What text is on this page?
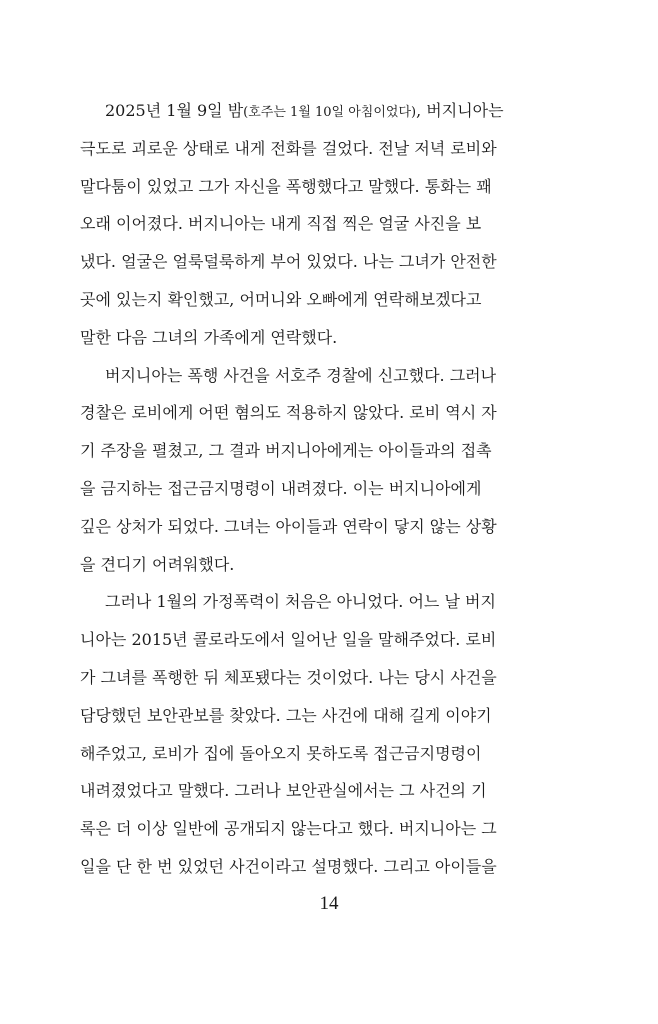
2025년 1월 9일 밤(호주는 1월 10일 아침이었다), 버지니아는
극도로 괴로운 상태로 내게 전화를 걸었다. 전날 저녁 로비와
말다툼이 있었고 그가 자신을 폭행했다고 말했다. 통화는 꽤
오래 이어졌다. 버지니아는 내게 직접 찍은 얼굴 사진을 보
냈다. 얼굴은 얼룩덜룩하게 부어 있었다. 나는 그녀가 안전한
곳에 있는지 확인했고, 어머니와 오빠에게 연락해보겠다고
말한 다음 그녀의 가족에게 연락했다.
버지니아는 폭행 사건을 서호주 경찰에 신고했다. 그러나
경찰은 로비에게 어떤 혐의도 적용하지 않았다. 로비 역시 자
기 주장을 펼쳤고, 그 결과 버지니아에게는 아이들과의 접촉
을 금지하는 접근금지명령이 내려졌다. 이는 버지니아에게
깊은 상처가 되었다. 그녀는 아이들과 연락이 닿지 않는 상황
을 견디기 어려워했다.
그러나 1월의 가정폭력이 처음은 아니었다. 어느 날 버지
니아는 2015년 콜로라도에서 일어난 일을 말해주었다. 로비
가 그녀를 폭행한 뒤 체포됐다는 것이었다. 나는 당시 사건을
담당했던 보안관보를 찾았다. 그는 사건에 대해 길게 이야기
해주었고, 로비가 집에 돌아오지 못하도록 접근금지명령이
내려졌었다고 말했다. 그러나 보안관실에서는 그 사건의 기
록은 더 이상 일반에 공개되지 않는다고 했다. 버지니아는 그
일을 단 한 번 있었던 사건이라고 설명했다. 그리고 아이들을
14
